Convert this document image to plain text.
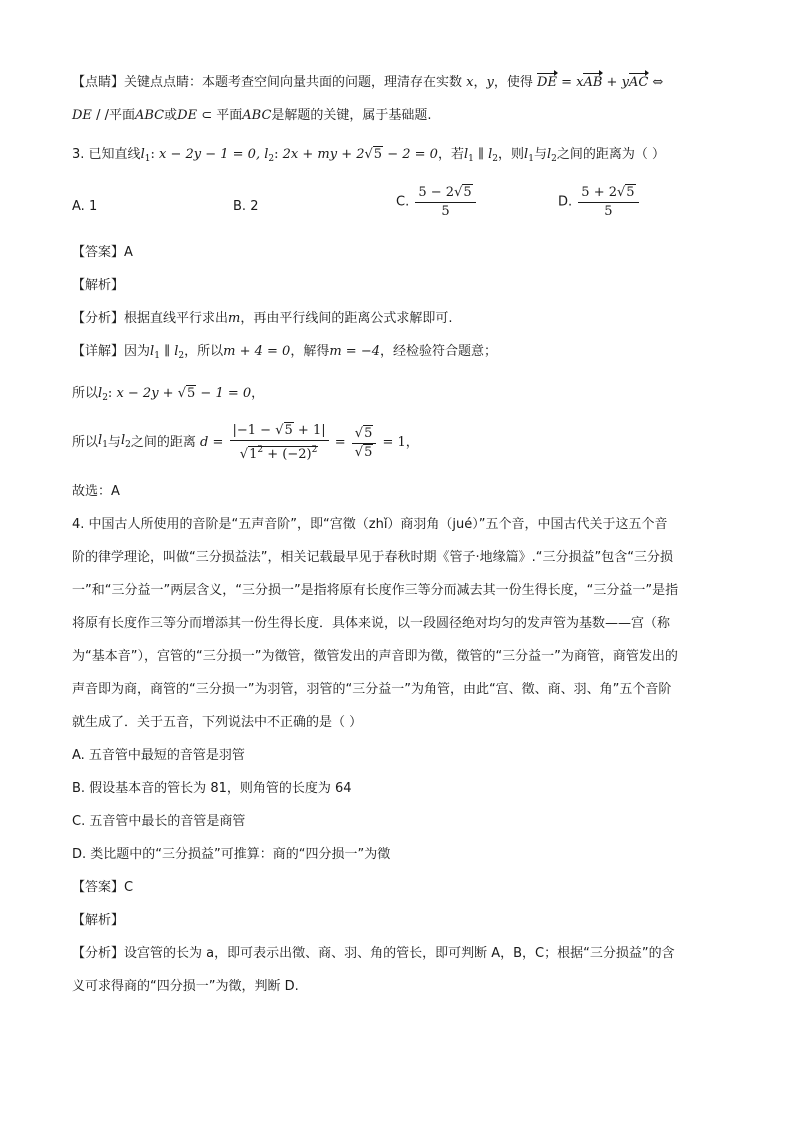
【点睛】关键点点睛：本题考查空间向量共面的问题，理清存在实数 x，y，使得 DE = xAB + yAC ⇔
DE / /平面ABC或DE ⊂ 平面ABC是解题的关键，属于基础题.
3. 已知直线$l_1$: x − 2y − 1 = 0, $l_2$: 2x + my + 2√5 − 2 = 0，若$l_1$ ∥ $l_2$，则$l_1$与$l_2$之间的距离为（ ）
A. 1	B. 2	C. $\frac{5 - 2√5}{5}$	D. $\frac{5 + 2√5}{5}$
【答案】A
【解析】
【分析】根据直线平行求出m，再由平行线间的距离公式求解即可.
【详解】因为$l_1$ ∥ $l_2$，所以m + 4 = 0，解得m = −4，经检验符合题意；
所以$l_2$: x − 2y + √5 − 1 = 0，
所以$l_1$与$l_2$之间的距离 $d = \frac{|-1 - √5 + 1|}{√1^2 + (-2)^2} = \frac{√5}{√5} = 1$，
故选：A
4. 中国古人所使用的音阶是“五声音阶”，即“宫徵（zhǐ）商羽角（jué）”五个音，中国古代关于这五个音
阶的律学理论，叫做“三分损益法”，相关记载最早见于春秋时期《管子·地缘篇》.“三分损益”包含“三分损
一”和“三分益一”两层含义，“三分损一”是指将原有长度作三等分而减去其一份生得长度，“三分益一”是指
将原有长度作三等分而增添其一份生得长度．具体来说，以一段圆径绝对均匀的发声管为基数——宫（称
为“基本音”），宫管的“三分损一”为徵管，徵管发出的声音即为徵，徵管的“三分益一”为商管，商管发出的
声音即为商，商管的“三分损一”为羽管，羽管的“三分益一”为角管，由此“宫、徵、商、羽、角”五个音阶
就生成了．关于五音，下列说法中不正确的是（ ）
A. 五音管中最短的音管是羽管
B. 假设基本音的管长为 81，则角管的长度为 64
C. 五音管中最长的音管是商管
D. 类比题中的“三分损益”可推算：商的“四分损一”为徵
【答案】C
【解析】
【分析】设宫管的长为 a，即可表示出徵、商、羽、角的管长，即可判断 A，B，C；根据“三分损益”的含
义可求得商的“四分损一”为徵，判断 D.
